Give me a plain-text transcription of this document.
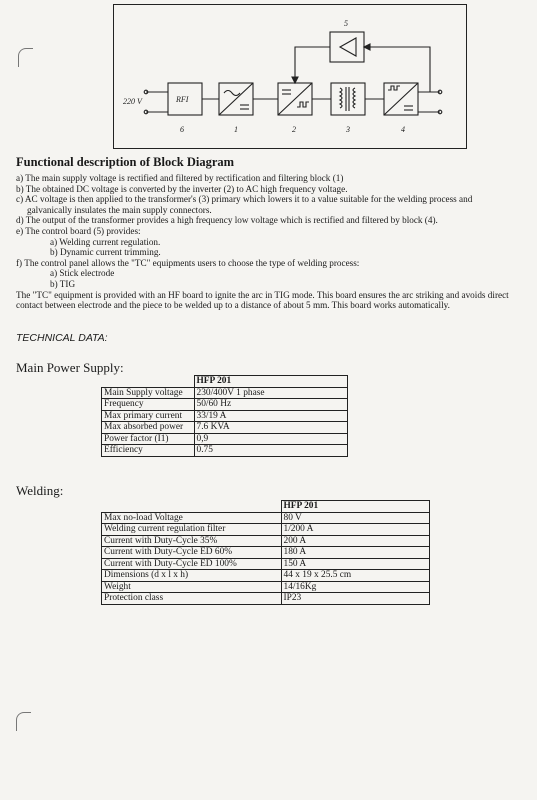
220 V	RFI
6	1	2	3	4
5
Functional description of Block Diagram
a) The main supply voltage is rectified and filtered by rectification and filtering block (1)
b) The obtained DC voltage is converted by the inverter (2) to AC high frequency voltage.
c) AC voltage is then applied to the transformer's (3) primary which lowers it to a value suitable for the welding process and
galvanically insulates the main supply connectors.
d) The output of the transformer provides a high frequency low voltage which is rectified and filtered by block (4).
e) The control board (5) provides:
a) Welding current regulation.
b) Dynamic current trimming.
f) The control panel allows the "TC" equipments users to choose the type of welding process:
a) Stick electrode
b) TIG
The "TC" equipment is provided with an HF board to ignite the arc in TIG mode. This board ensures the arc striking and avoids direct contact between electrode and the piece to be welded up to a distance of about 5 mm. This board works automatically.
TECHNICAL DATA:
Main Power Supply:
	HFP 201
Main Supply voltage	230/400V 1 phase
Frequency	50/60 Hz
Max primary current	33/19 A
Max absorbed power	7.6 KVA
Power factor (I1)	0,9
Efficiency	0.75
Welding:
	HFP 201
Max no-load Voltage	80 V
Welding current regulation filter	1/200 A
Current with Duty-Cycle 35%	200 A
Current with Duty-Cycle ED 60%	180 A
Current with Duty-Cycle ED 100%	150 A
Dimensions (d x l x h)	44 x 19 x 25.5 cm
Weight	14/16Kg
Protection class	IP23
